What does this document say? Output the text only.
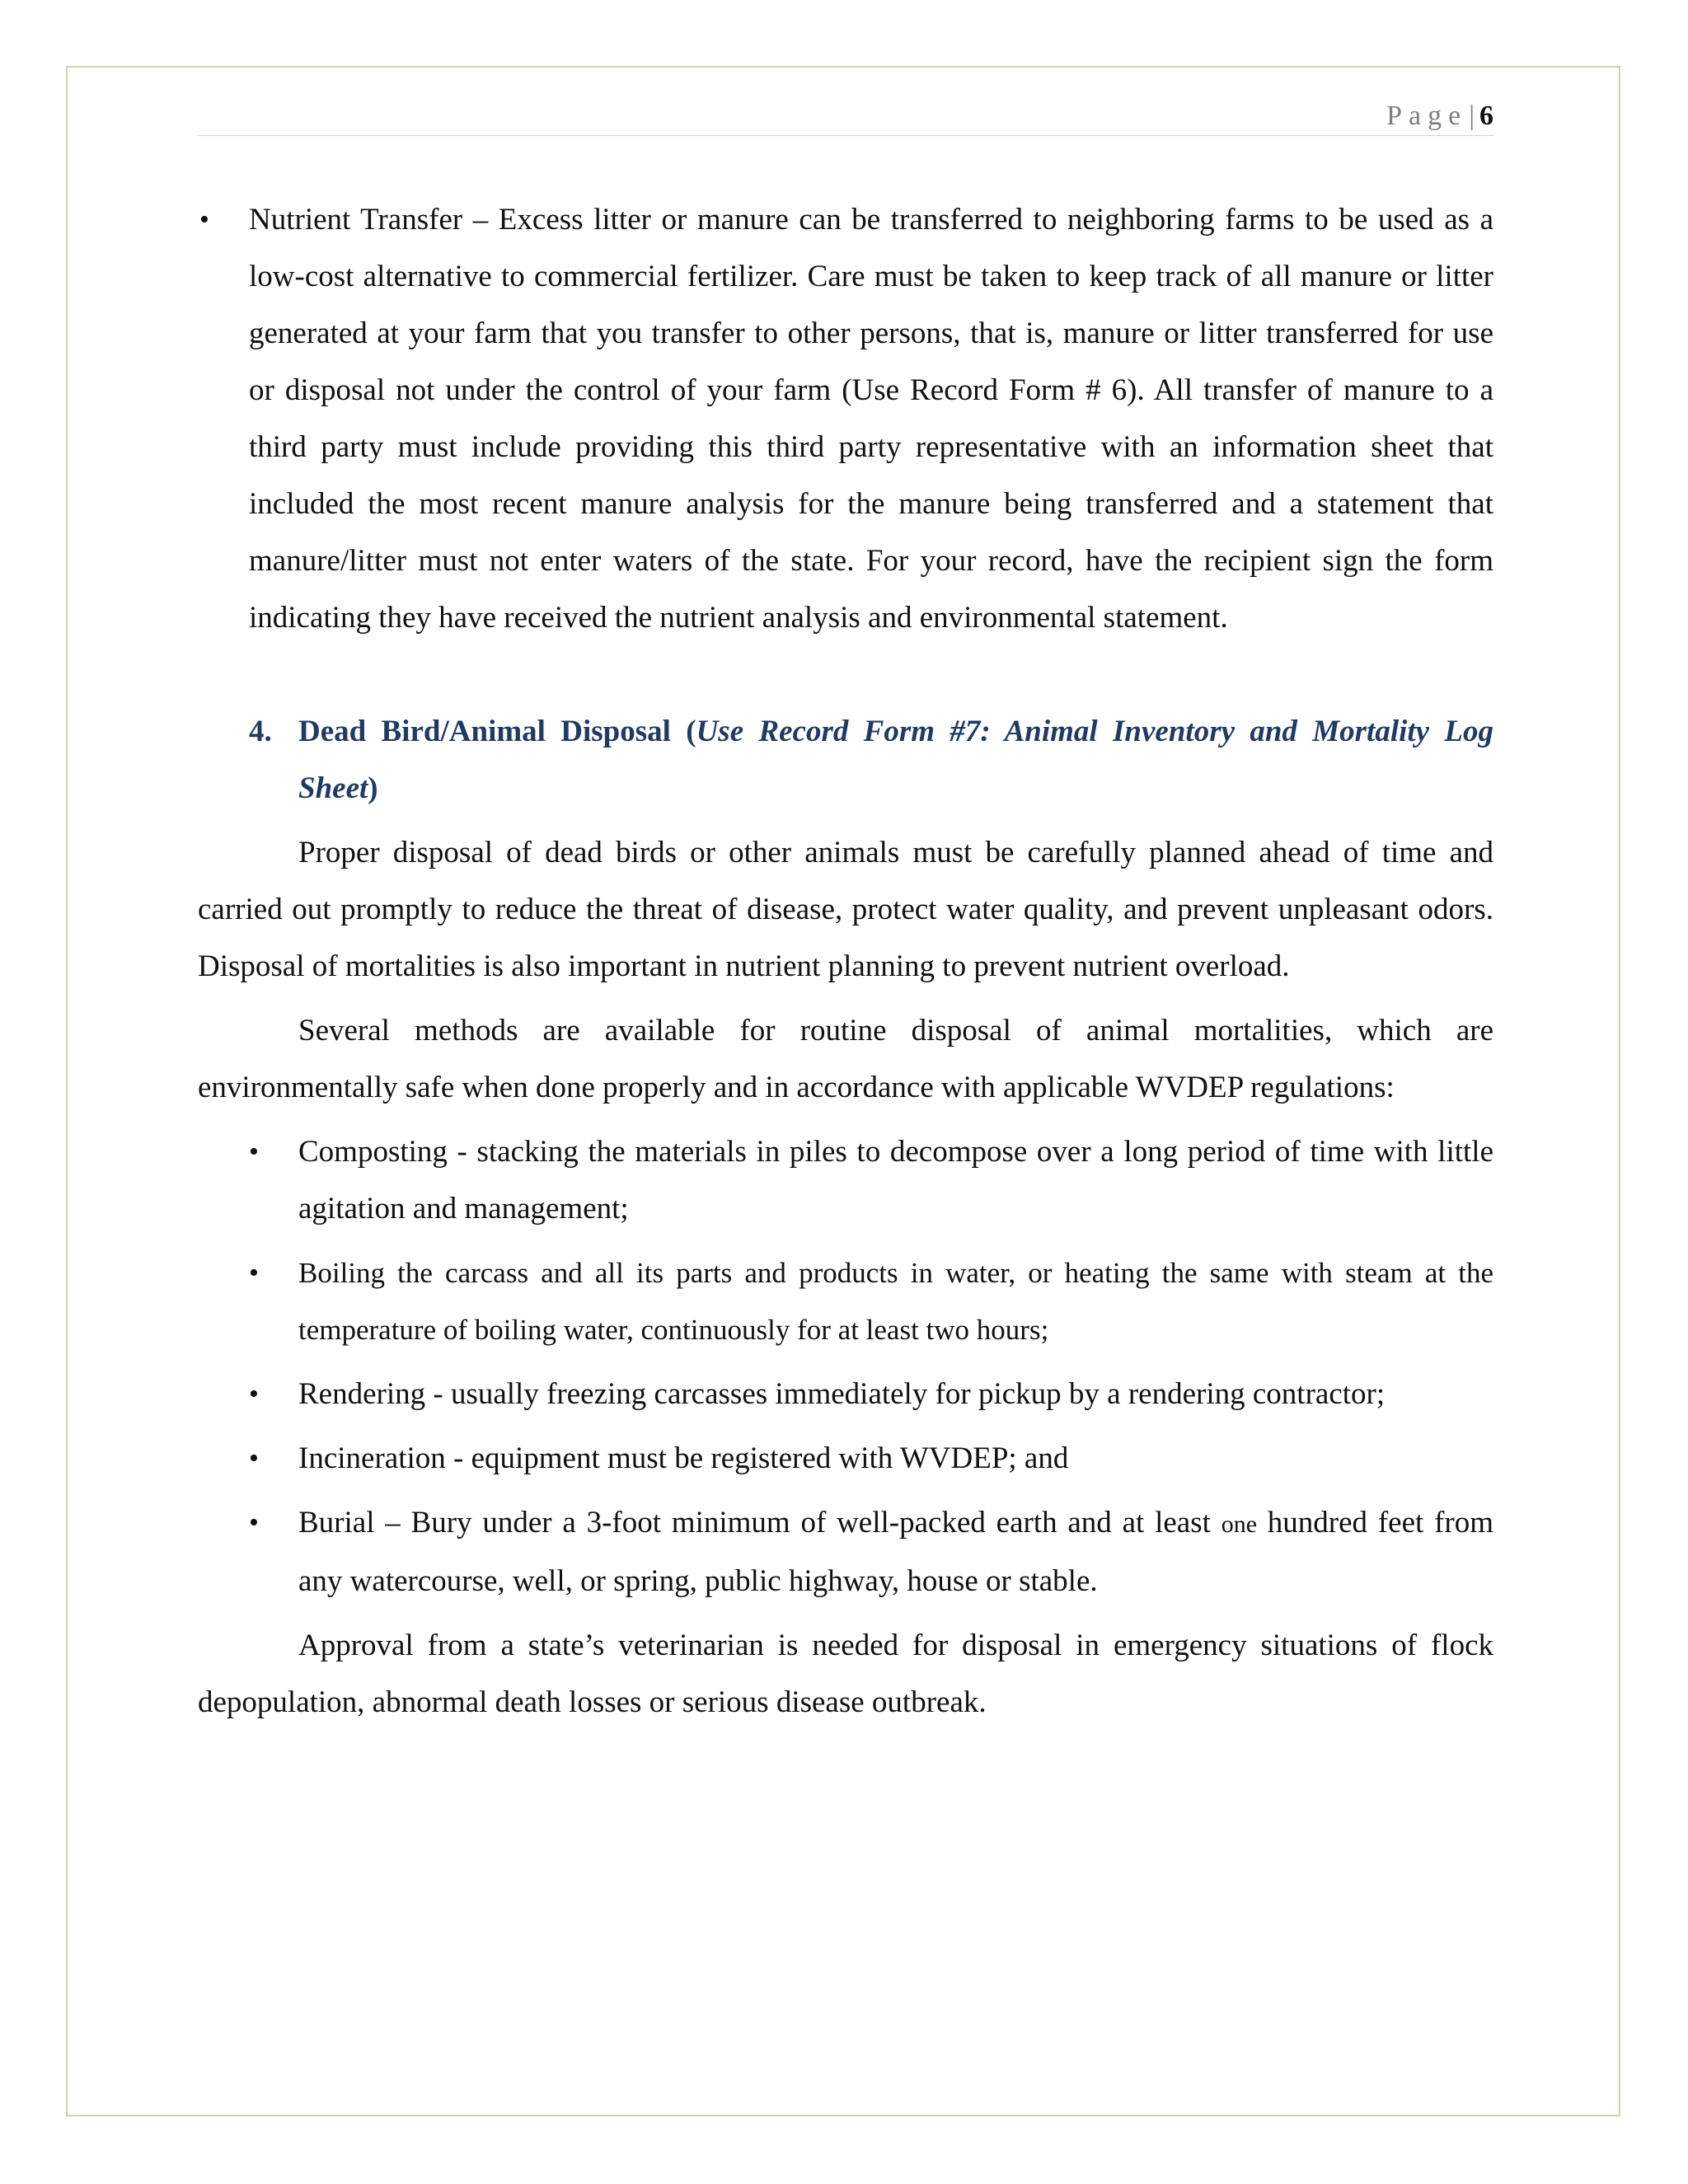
Page| 6
• Nutrient Transfer – Excess litter or manure can be transferred to neighboring farms to be used as a low-cost alternative to commercial fertilizer. Care must be taken to keep track of all manure or litter generated at your farm that you transfer to other persons, that is, manure or litter transferred for use or disposal not under the control of your farm (Use Record Form # 6). All transfer of manure to a third party must include providing this third party representative with an information sheet that included the most recent manure analysis for the manure being transferred and a statement that manure/litter must not enter waters of the state. For your record, have the recipient sign the form indicating they have received the nutrient analysis and environmental statement.

4. Dead Bird/Animal Disposal (Use Record Form #7: Animal Inventory and Mortality Log Sheet)

Proper disposal of dead birds or other animals must be carefully planned ahead of time and carried out promptly to reduce the threat of disease, protect water quality, and prevent unpleasant odors. Disposal of mortalities is also important in nutrient planning to prevent nutrient overload.

Several methods are available for routine disposal of animal mortalities, which are environmentally safe when done properly and in accordance with applicable WVDEP regulations:

• Composting - stacking the materials in piles to decompose over a long period of time with little agitation and management;
• Boiling the carcass and all its parts and products in water, or heating the same with steam at the temperature of boiling water, continuously for at least two hours;
• Rendering - usually freezing carcasses immediately for pickup by a rendering contractor;
• Incineration - equipment must be registered with WVDEP; and
• Burial – Bury under a 3-foot minimum of well-packed earth and at least one hundred feet from any watercourse, well, or spring, public highway, house or stable.

Approval from a state’s veterinarian is needed for disposal in emergency situations of flock depopulation, abnormal death losses or serious disease outbreak.
